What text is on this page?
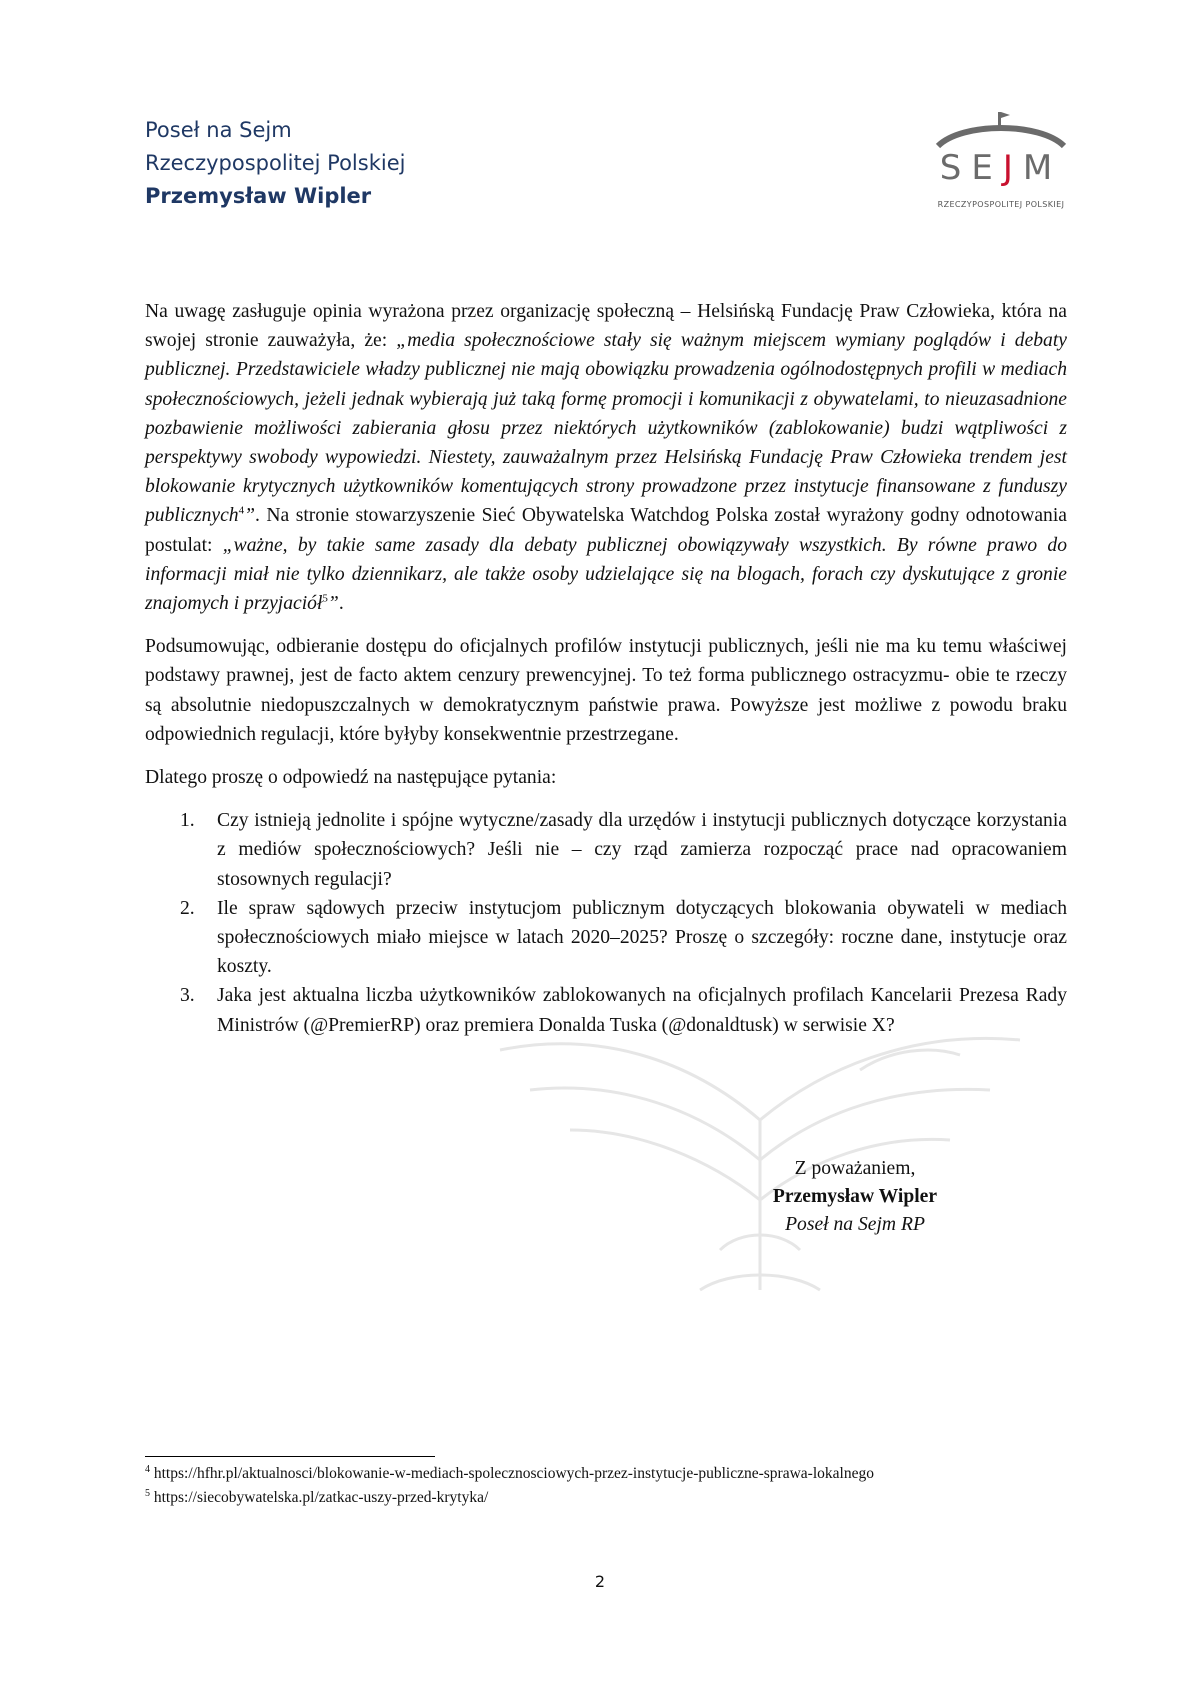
Poseł na Sejm
Rzeczypospolitej Polskiej
Przemysław Wipler
SEJM
RZECZYPOSPOLITEJ POLSKIEJ

Na uwagę zasługuje opinia wyrażona przez organizację społeczną – Helsińską Fundację Praw Człowieka, która na swojej stronie zauważyła, że: „media społecznościowe stały się ważnym miejscem wymiany poglądów i debaty publicznej. Przedstawiciele władzy publicznej nie mają obowiązku prowadzenia ogólnodostępnych profili w mediach społecznościowych, jeżeli jednak wybierają już taką formę promocji i komunikacji z obywatelami, to nieuzasadnione pozbawienie możliwości zabierania głosu przez niektórych użytkowników (zablokowanie) budzi wątpliwości z perspektywy swobody wypowiedzi. Niestety, zauważalnym przez Helsińską Fundację Praw Człowieka trendem jest blokowanie krytycznych użytkowników komentujących strony prowadzone przez instytucje finansowane z funduszy publicznych$^4$”. Na stronie stowarzyszenie Sieć Obywatelska Watchdog Polska został wyrażony godny odnotowania postulat: „ważne, by takie same zasady dla debaty publicznej obowiązywały wszystkich. By równe prawo do informacji miał nie tylko dziennikarz, ale także osoby udzielające się na blogach, forach czy dyskutujące z gronie znajomych i przyjaciół$^5$”.

Podsumowując, odbieranie dostępu do oficjalnych profilów instytucji publicznych, jeśli nie ma ku temu właściwej podstawy prawnej, jest de facto aktem cenzury prewencyjnej. To też forma publicznego ostracyzmu- obie te rzeczy są absolutnie niedopuszczalnych w demokratycznym państwie prawa. Powyższe jest możliwe z powodu braku odpowiednich regulacji, które byłyby konsekwentnie przestrzegane.

Dlatego proszę o odpowiedź na następujące pytania:

1. Czy istnieją jednolite i spójne wytyczne/zasady dla urzędów i instytucji publicznych dotyczące korzystania z mediów społecznościowych? Jeśli nie – czy rząd zamierza rozpocząć prace nad opracowaniem stosownych regulacji?
2. Ile spraw sądowych przeciw instytucjom publicznym dotyczących blokowania obywateli w mediach społecznościowych miało miejsce w latach 2020–2025? Proszę o szczegóły: roczne dane, instytucje oraz koszty.
3. Jaka jest aktualna liczba użytkowników zablokowanych na oficjalnych profilach Kancelarii Prezesa Rady Ministrów (@PremierRP) oraz premiera Donalda Tuska (@donaldtusk) w serwisie X?
Z poważaniem,
Przemysław Wipler
Poseł na Sejm RP
$^4$ https://hfhr.pl/aktualnosci/blokowanie-w-mediach-spolecznosciowych-przez-instytucje-publiczne-sprawa-lokalnego
$^5$ https://siecobywatelska.pl/zatkac-uszy-przed-krytyka/
2
